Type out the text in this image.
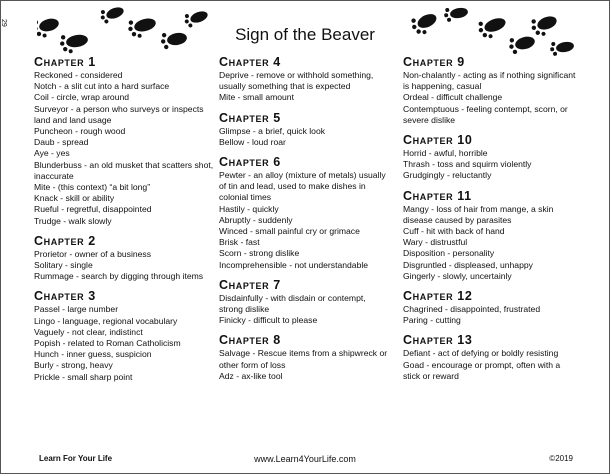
29
Sign of the Beaver
Chapter 1
Reckoned - considered
Notch - a slit cut into a hard surface
Coil - circle, wrap around
Surveyor - a person who surveys or inspects land and land usage
Puncheon - rough wood
Daub - spread
Aye - yes
Blunderbuss - an old musket that scatters shot, inaccurate
Mite - (this context) “a bit long”
Knack - skill or ability
Rueful - regretful, disappointed
Trudge - walk slowly
Chapter 2
Prorietor - owner of a business
Solitary - single
Rummage - search by digging through items
Chapter 3
Passel - large number
Lingo - language, regional vocabulary
Vaguely - not clear, indistinct
Popish - related to Roman Catholicism
Hunch - inner guess, suspicion
Burly - strong, heavy
Prickle - small sharp point
Chapter 4
Deprive - remove or withhold something, usually something that is expected
Mite - small amount
Chapter 5
Glimpse - a brief, quick look
Bellow - loud roar
Chapter 6
Pewter - an alloy (mixture of metals) usually of tin and lead, used to make dishes in colonial times
Hastily - quickly
Abruptly - suddenly
Winced - small painful cry or grimace
Brisk - fast
Scorn - strong dislike
Incomprehensible - not understandable
Chapter 7
Disdainfully - with disdain or contempt, strong dislike
Finicky - difficult to please
Chapter 8
Salvage - Rescue items from a shipwreck or other form of loss
Adz - ax-like tool
Chapter 9
Non-chalantly - acting as if nothing significant is happening, casual
Ordeal - difficult challenge
Contemptuous - feeling contempt, scorn, or severe dislike
Chapter 10
Horrid - awful, horrible
Thrash - toss and squirm violently
Grudgingly - reluctantly
Chapter 11
Mangy - loss of hair from mange, a skin disease caused by parasites
Cuff - hit with back of hand
Wary - distrustful
Disposition - personality
Disgruntled - displeased, unhappy
Gingerly - slowly, uncertainly
Chapter 12
Chagrined - disappointed, frustrated
Paring - cutting
Chapter 13
Defiant - act of defying or boldly resisting
Goad - encourage or prompt, often with a stick or reward
Learn For Your Life	www.Learn4YourLife.com	©2019
